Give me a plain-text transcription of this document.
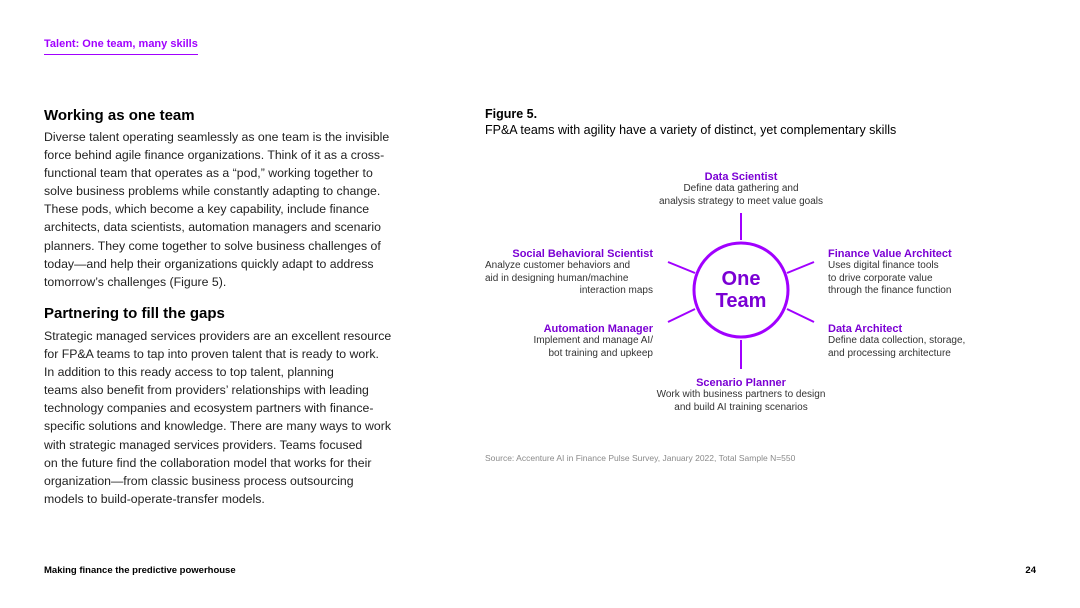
Talent: One team, many skills
Working as one team

Diverse talent operating seamlessly as one team is the invisible

force behind agile finance organizations. Think of it as a cross-

functional team that operates as a “pod,” working together to

solve business problems while constantly adapting to change.

These pods, which become a key capability, include finance

architects, data scientists, automation managers and scenario

planners. They come together to solve business challenges of

today—and help their organizations quickly adapt to address

tomorrow’s challenges (Figure 5).

Partnering to fill the gaps

Strategic managed services providers are an excellent resource

for FP&A teams to tap into proven talent that is ready to work.

In addition to this ready access to top talent, planning

teams also benefit from providers’ relationships with leading

technology companies and ecosystem partners with finance-

specific solutions and knowledge. There are many ways to work

with strategic managed services providers. Teams focused

on the future find the collaboration model that works for their

organization—from classic business process outsourcing

models to build-operate-transfer models.

Figure 5.
FP&A teams with agility have a variety of distinct, yet complementary skills
One
Team
Data Scientist
Define data gathering and
analysis strategy to meet value goals
Social Behavioral Scientist
Analyze customer behaviors and
aid in designing human/machine
interaction maps
Finance Value Architect
Uses digital finance tools
to drive corporate value
through the finance function
Automation Manager
Implement and manage AI/
bot training and upkeep
Data Architect
Define data collection, storage,
and processing architecture
Scenario Planner
Work with business partners to design
and build AI training scenarios
Source: Accenture AI in Finance Pulse Survey, January 2022, Total Sample N=550
Making finance the predictive powerhouse	24
